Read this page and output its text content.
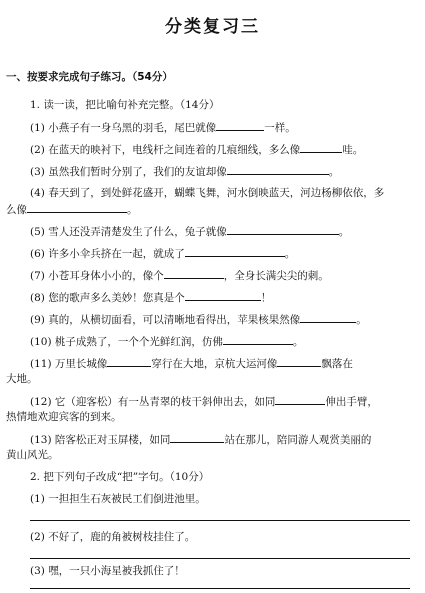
分类复习三
一、按要求完成句子练习。（54分）
1. 读一读，把比喻句补充完整。（14分）
(1) 小燕子有一身乌黑的羽毛，尾巴就像	一样。
(2) 在蓝天的映衬下，电线杆之间连着的几痕细线，多么像	哇。
(3) 虽然我们暂时分别了，我们的友谊却像	。
(4) 春天到了，到处鲜花盛开，蝴蝶飞舞，河水倒映蓝天，河边杨柳依依，多
么像	。
(5) 雪人还没弄清楚发生了什么，兔子就像	。
(6) 许多小伞兵挤在一起，就成了	。
(7) 小苍耳身体小小的，像个	，全身长满尖尖的刺。
(8) 您的歌声多么美妙！您真是个	！
(9) 真的，从横切面看，可以清晰地看得出，苹果核果然像	。
(10) 桃子成熟了，一个个光鲜红润，仿佛	。
(11) 万里长城像	穿行在大地，京杭大运河像	飘落在
大地。
(12) 它（迎客松）有一丛青翠的枝干斜伸出去，如同	伸出手臂，
热情地欢迎宾客的到来。
(13) 陪客松正对玉屏楼，如同	站在那儿，陪同游人观赏美丽的
黄山风光。
2. 把下列句子改成“把”字句。（10分）
(1) 一担担生石灰被民工们倒进池里。
(2) 不好了，鹿的角被树枝挂住了。
(3) 嘿，一只小海星被我抓住了！
